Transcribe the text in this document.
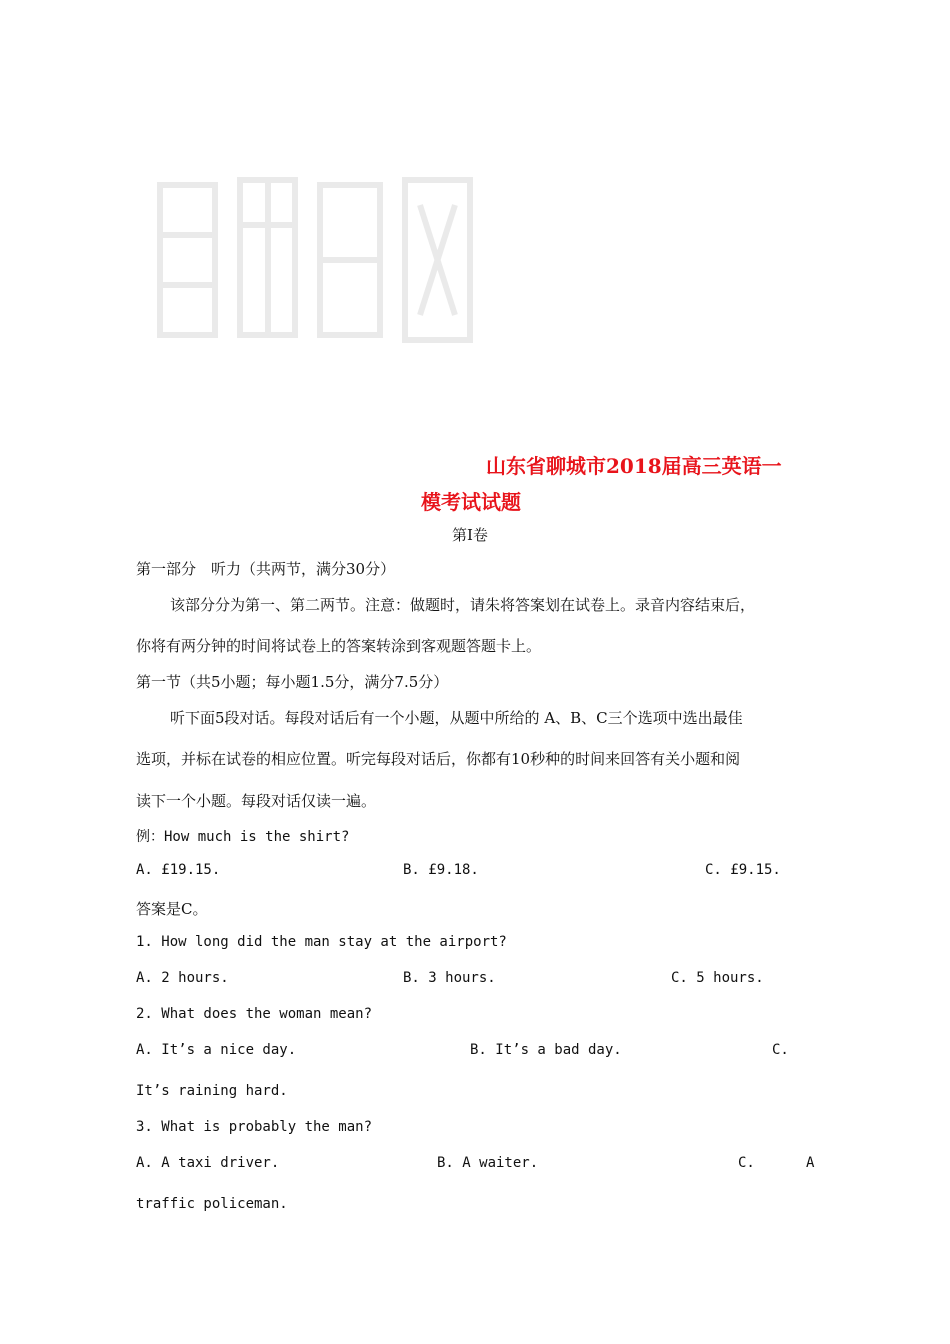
山东省聊城市2018届高三英语一
模考试试题
第Ⅰ卷
第一部分　听力（共两节，满分30分）
该部分分为第一、第二两节。注意：做题时，请朱将答案划在试卷上。录音内容结束后，
你将有两分钟的时间将试卷上的答案转涂到客观题答题卡上。
第一节（共5小题；每小题1.5分，满分7.5分）
听下面5段对话。每段对话后有一个小题，从题中所给的 A、B、C三个选项中选出最佳
选项，并标在试卷的相应位置。听完每段对话后，你都有10秒种的时间来回答有关小题和阅
读下一个小题。每段对话仅读一遍。
例：How much is the shirt?
A. £19.15.	B. £9.18.	C. £9.15.
答案是C。
1. How long did the man stay at the airport?
A. 2 hours.	B. 3 hours.	C. 5 hours.
2. What does the woman mean?
A. It’s a nice day.	B. It’s a bad day.	C.
It’s raining hard.
3. What is probably the man?
A. A taxi driver.	B. A waiter.	C.	A
traffic policeman.
